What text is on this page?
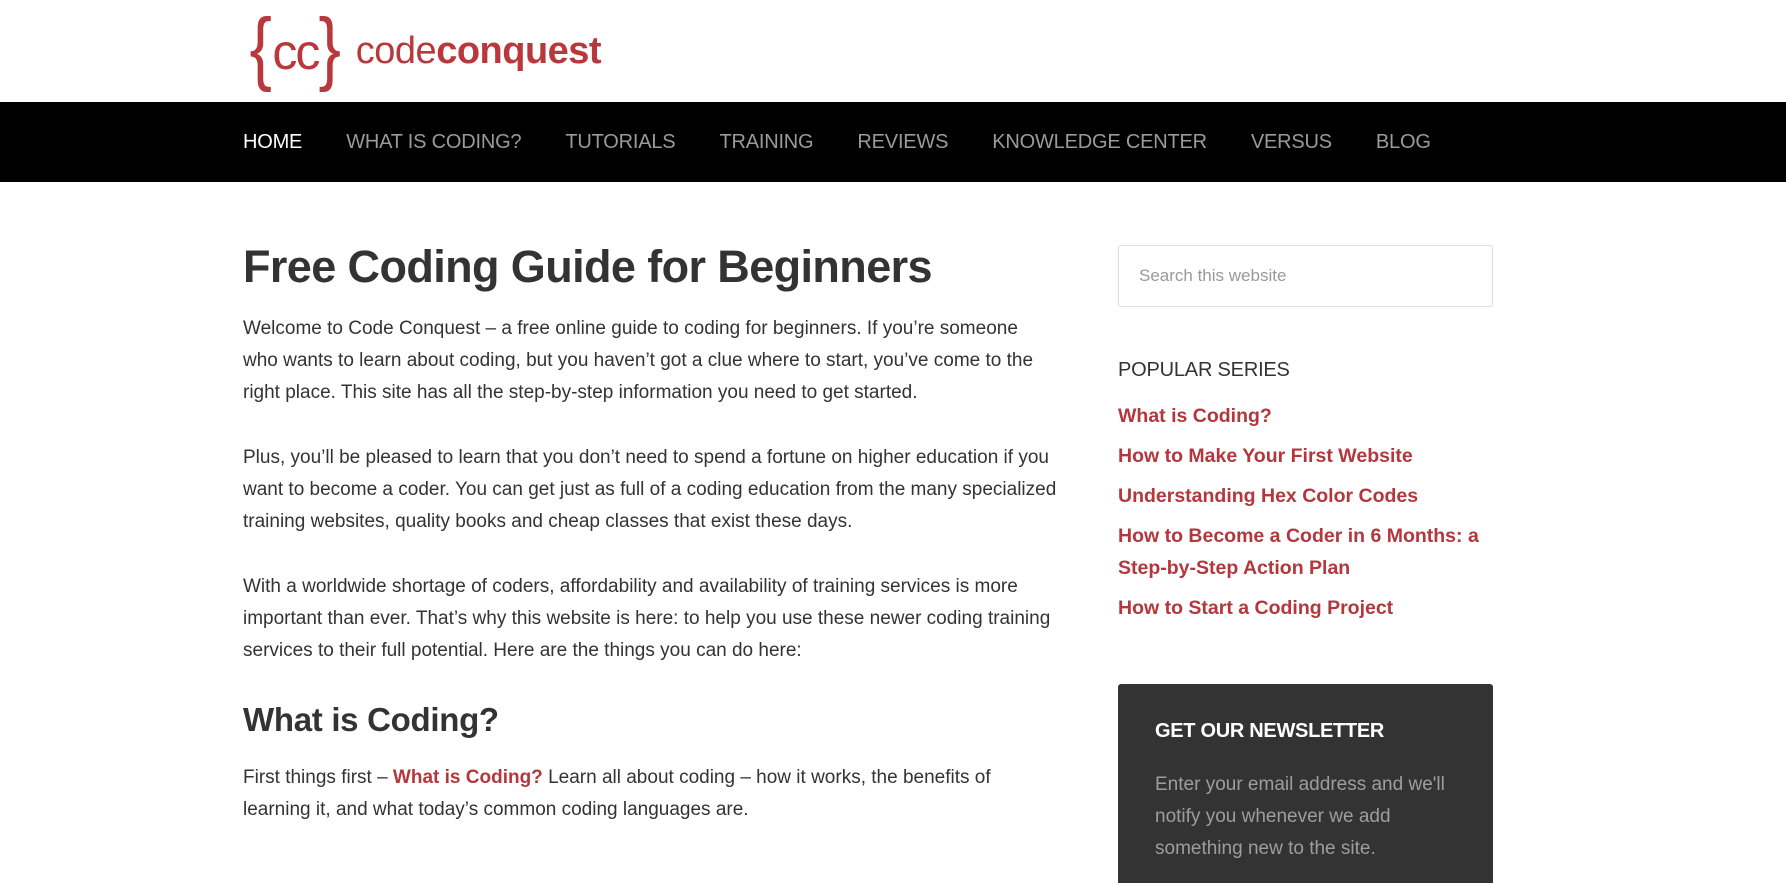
{ cc } codeconquest
HOME WHAT IS CODING? TUTORIALS TRAINING REVIEWS KNOWLEDGE CENTER VERSUS BLOG
Free Coding Guide for Beginners

Welcome to Code Conquest – a free online guide to coding for beginners. If you’re someone who wants to learn about coding, but you haven’t got a clue where to start, you’ve come to the right place. This site has all the step-by-step information you need to get started.

Plus, you’ll be pleased to learn that you don’t need to spend a fortune on higher education if you want to become a coder. You can get just as full of a coding education from the many specialized training websites, quality books and cheap classes that exist these days.

With a worldwide shortage of coders, affordability and availability of training services is more important than ever. That’s why this website is here: to help you use these newer coding training services to their full potential. Here are the things you can do here:

What is Coding?

First things first – What is Coding? Learn all about coding – how it works, the benefits of learning it, and what today’s common coding languages are.

Search this website
POPULAR SERIES
What is Coding?
How to Make Your First Website
Understanding Hex Color Codes
How to Become a Coder in 6 Months: a Step-by-Step Action Plan
How to Start a Coding Project
GET OUR NEWSLETTER

Enter your email address and we'll notify you whenever we add something new to the site.
